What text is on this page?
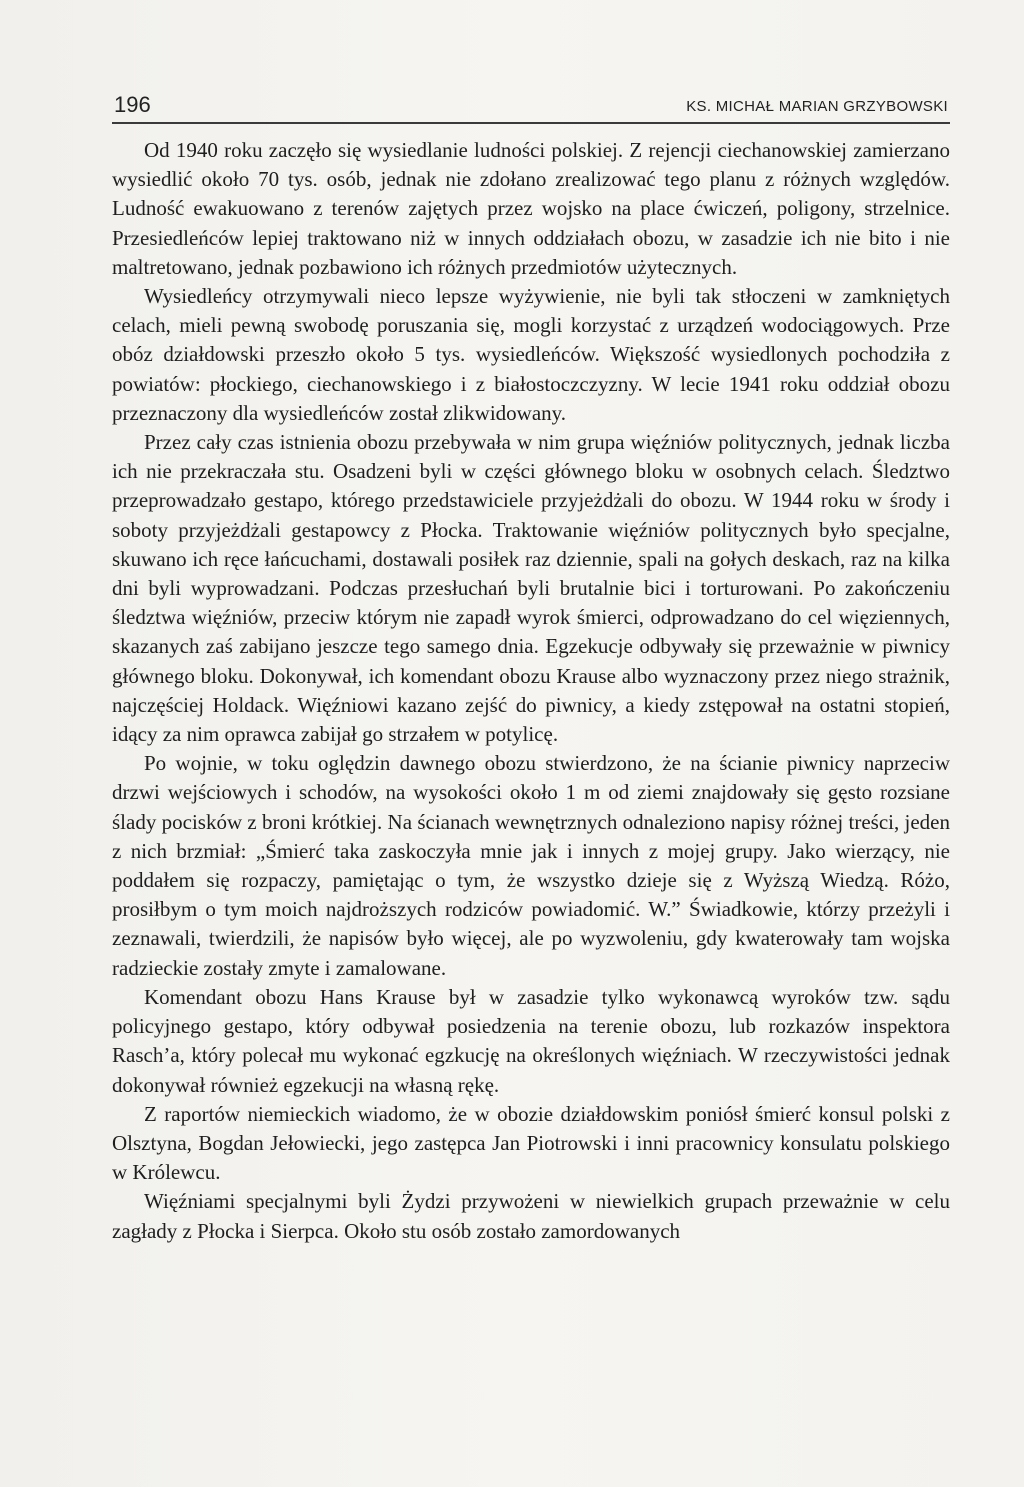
196	KS. MICHAŁ MARIAN GRZYBOWSKI

Od 1940 roku zaczęło się wysiedlanie ludności polskiej. Z rejencji ciechanowskiej zamierzano wysiedlić około 70 tys. osób, jednak nie zdołano zrealizować tego planu z różnych względów. Ludność ewakuowano z terenów zajętych przez wojsko na place ćwiczeń, poligony, strzelnice. Przesiedleńców lepiej traktowano niż w innych oddziałach obozu, w zasadzie ich nie bito i nie maltretowano, jednak pozbawiono ich różnych przedmiotów użytecznych.

Wysiedleńcy otrzymywali nieco lepsze wyżywienie, nie byli tak stłoczeni w zamkniętych celach, mieli pewną swobodę poruszania się, mogli korzystać z urządzeń wodociągowych. Prze obóz działdowski przeszło około 5 tys. wysiedleńców. Większość wysiedlonych pochodziła z powiatów: płockiego, ciechanowskiego i z białostoczczyzny. W lecie 1941 roku oddział obozu przeznaczony dla wysiedleńców został zlikwidowany.

Przez cały czas istnienia obozu przebywała w nim grupa więźniów politycznych, jednak liczba ich nie przekraczała stu. Osadzeni byli w części głównego bloku w osobnych celach. Śledztwo przeprowadzało gestapo, którego przedstawiciele przyjeżdżali do obozu. W 1944 roku w środy i soboty przyjeżdżali gestapowcy z Płocka. Traktowanie więźniów politycznych było specjalne, skuwano ich ręce łańcuchami, dostawali posiłek raz dziennie, spali na gołych deskach, raz na kilka dni byli wyprowadzani. Podczas przesłuchań byli brutalnie bici i torturowani. Po zakończeniu śledztwa więźniów, przeciw którym nie zapadł wyrok śmierci, odprowadzano do cel więziennych, skazanych zaś zabijano jeszcze tego samego dnia. Egzekucje odbywały się przeważnie w piwnicy głównego bloku. Dokonywał, ich komendant obozu Krause albo wyznaczony przez niego strażnik, najczęściej Holdack. Więźniowi kazano zejść do piwnicy, a kiedy zstępował na ostatni stopień, idący za nim oprawca zabijał go strzałem w potylicę.

Po wojnie, w toku oględzin dawnego obozu stwierdzono, że na ścianie piwnicy naprzeciw drzwi wejściowych i schodów, na wysokości około 1 m od ziemi znajdowały się gęsto rozsiane ślady pocisków z broni krótkiej. Na ścianach wewnętrznych odnaleziono napisy różnej treści, jeden z nich brzmiał: „Śmierć taka zaskoczyła mnie jak i innych z mojej grupy. Jako wierzący, nie poddałem się rozpaczy, pamiętając o tym, że wszystko dzieje się z Wyższą Wiedzą. Różo, prosiłbym o tym moich najdroższych rodziców powiadomić. W.” Świadkowie, którzy przeżyli i zeznawali, twierdzili, że napisów było więcej, ale po wyzwoleniu, gdy kwaterowały tam wojska radzieckie zostały zmyte i zamalowane.

Komendant obozu Hans Krause był w zasadzie tylko wykonawcą wyroków tzw. sądu policyjnego gestapo, który odbywał posiedzenia na terenie obozu, lub rozkazów inspektora Rasch’a, który polecał mu wykonać egzkucję na określonych więźniach. W rzeczywistości jednak dokonywał również egzekucji na własną rękę.

Z raportów niemieckich wiadomo, że w obozie działdowskim poniósł śmierć konsul polski z Olsztyna, Bogdan Jełowiecki, jego zastępca Jan Piotrowski i inni pracownicy konsulatu polskiego w Królewcu.

Więźniami specjalnymi byli Żydzi przywożeni w niewielkich grupach przeważnie w celu zagłady z Płocka i Sierpca. Około stu osób zostało zamordowanych
